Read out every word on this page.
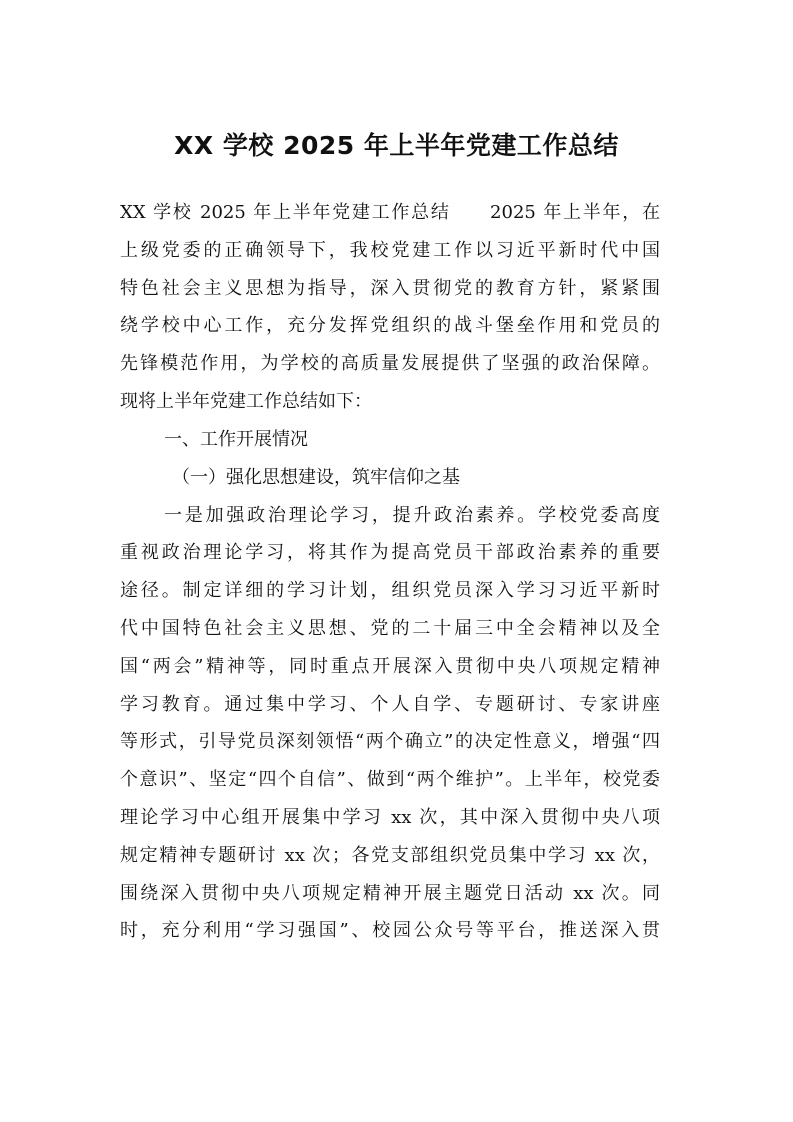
XX 学校 2025 年上半年党建工作总结
XX 学校 2025 年上半年党建工作总结　　2025 年上半年，在
上级党委的正确领导下，我校党建工作以习近平新时代中国
特色社会主义思想为指导，深入贯彻党的教育方针，紧紧围
绕学校中心工作，充分发挥党组织的战斗堡垒作用和党员的
先锋模范作用，为学校的高质量发展提供了坚强的政治保障。
现将上半年党建工作总结如下：
一、工作开展情况
（一）强化思想建设，筑牢信仰之基
一是加强政治理论学习，提升政治素养。学校党委高度
重视政治理论学习，将其作为提高党员干部政治素养的重要
途径。制定详细的学习计划，组织党员深入学习习近平新时
代中国特色社会主义思想、党的二十届三中全会精神以及全
国“两会”精神等，同时重点开展深入贯彻中央八项规定精神
学习教育。通过集中学习、个人自学、专题研讨、专家讲座
等形式，引导党员深刻领悟“两个确立”的决定性意义，增强“四
个意识”、坚定“四个自信”、做到“两个维护”。上半年，校党委
理论学习中心组开展集中学习 xx 次，其中深入贯彻中央八项
规定精神专题研讨 xx 次；各党支部组织党员集中学习 xx 次，
围绕深入贯彻中央八项规定精神开展主题党日活动 xx 次。同
时，充分利用“学习强国”、校园公众号等平台，推送深入贯
